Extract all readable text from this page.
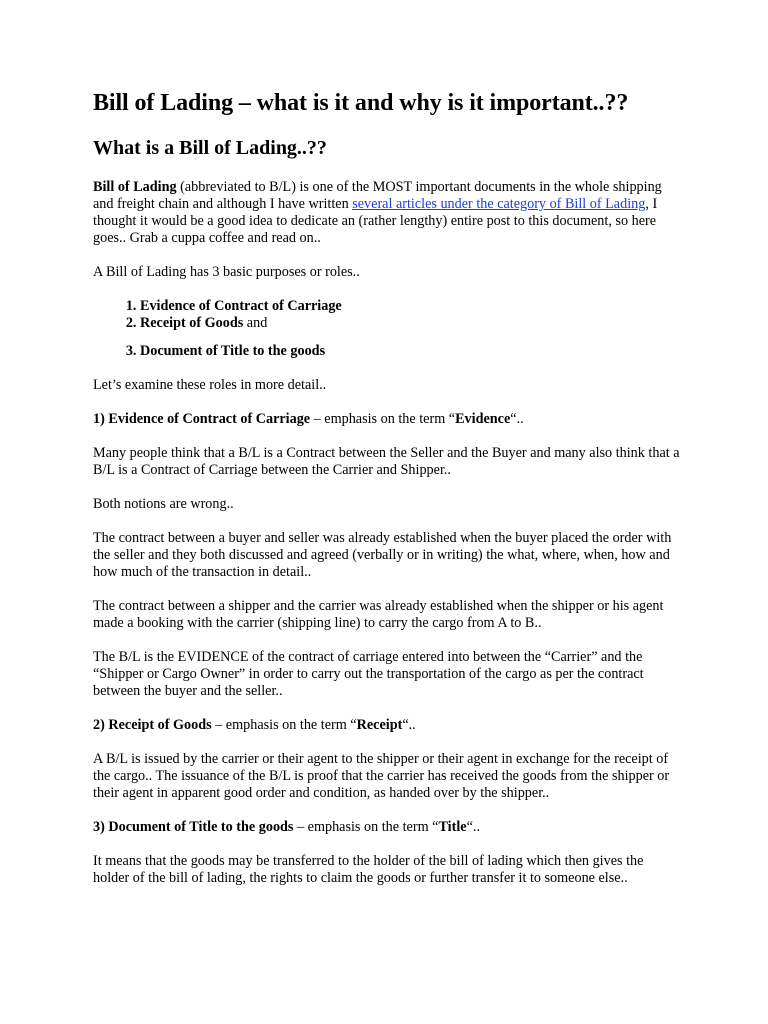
Bill of Lading – what is it and why is it important..??
What is a Bill of Lading..??

Bill of Lading (abbreviated to B/L) is one of the MOST important documents in the whole shipping and freight chain and although I have written several articles under the category of Bill of Lading, I thought it would be a good idea to dedicate an (rather lengthy) entire post to this document, so here goes.. Grab a cuppa coffee and read on..

A Bill of Lading has 3 basic purposes or roles..

1. Evidence of Contract of Carriage
2. Receipt of Goods and
3. Document of Title to the goods

Let’s examine these roles in more detail..

1) Evidence of Contract of Carriage – emphasis on the term “Evidence“..

Many people think that a B/L is a Contract between the Seller and the Buyer and many also think that a B/L is a Contract of Carriage between the Carrier and Shipper..

Both notions are wrong..

The contract between a buyer and seller was already established when the buyer placed the order with the seller and they both discussed and agreed (verbally or in writing) the what, where, when, how and how much of the transaction in detail..

The contract between a shipper and the carrier was already established when the shipper or his agent made a booking with the carrier (shipping line) to carry the cargo from A to B..

The B/L is the EVIDENCE of the contract of carriage entered into between the “Carrier” and the “Shipper or Cargo Owner” in order to carry out the transportation of the cargo as per the contract between the buyer and the seller..

2) Receipt of Goods – emphasis on the term “Receipt“..

A B/L is issued by the carrier or their agent to the shipper or their agent in exchange for the receipt of the cargo.. The issuance of the B/L is proof that the carrier has received the goods from the shipper or their agent in apparent good order and condition, as handed over by the shipper..

3) Document of Title to the goods – emphasis on the term “Title“..

It means that the goods may be transferred to the holder of the bill of lading which then gives the holder of the bill of lading, the rights to claim the goods or further transfer it to someone else..
